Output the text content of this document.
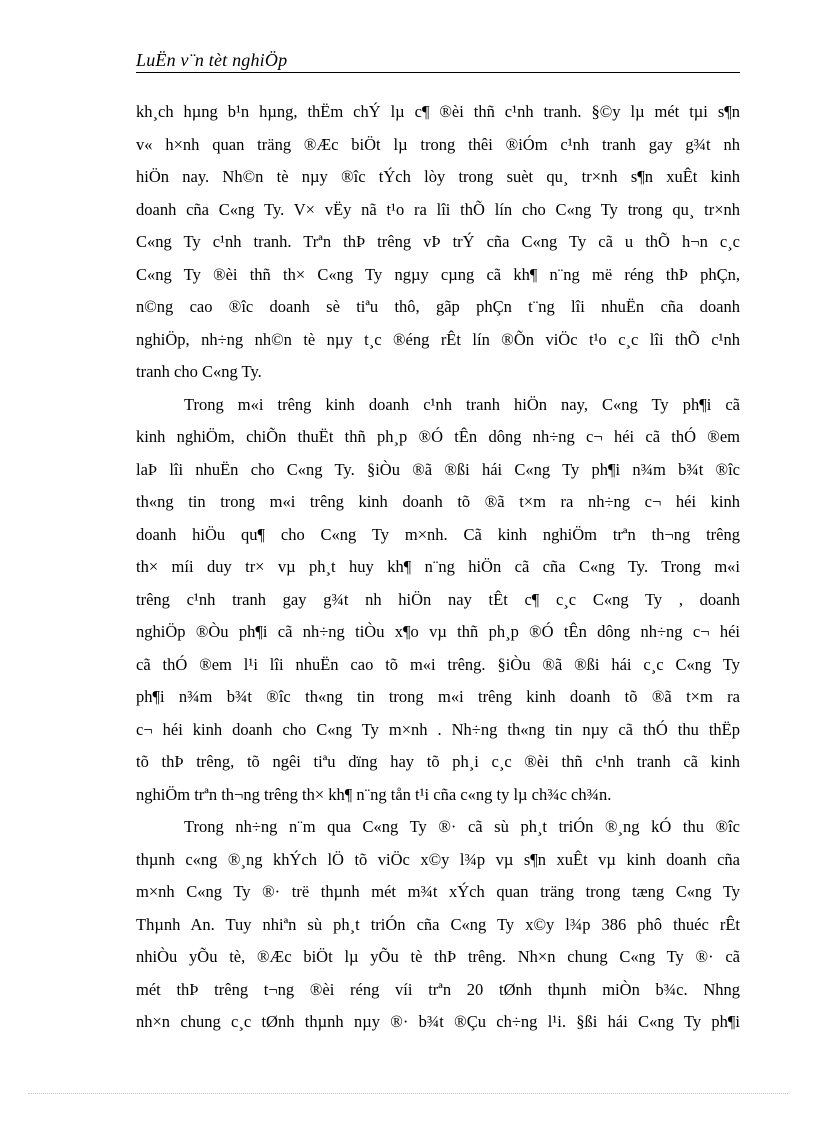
LuËn v¨n tèt nghiÖp
kh¸ch hµng b¹n hµng, thËm chÝ lµ c¶ ®èi thñ c¹nh tranh. §©y lµ mét tµi s¶n
v« h×nh quan träng ®Æc biÖt lµ trong thêi ®iÓm c¹nh tranh gay g¾t nh
hiÖn nay. Nh©n tè nµy ®îc tÝch lòy trong suèt qu¸ tr×nh s¶n xuÊt kinh
doanh cña C«ng Ty. V× vËy nã t¹o ra lîi thÕ lín cho C«ng Ty trong qu¸ tr×nh
C«ng Ty c¹nh tranh. Trªn thÞ trêng vÞ trÝ cña C«ng Ty cã u thÕ h¬n c¸c
C«ng Ty ®èi thñ th× C«ng Ty ngµy cµng cã kh¶ n¨ng më réng thÞ phÇn,
n©ng cao ®îc doanh sè tiªu thô, gãp phÇn t¨ng lîi nhuËn cña doanh
nghiÖp, nh÷ng nh©n tè nµy t¸c ®éng rÊt lín ®Õn viÖc t¹o c¸c lîi thÕ c¹nh
tranh cho C«ng Ty.
Trong m«i trêng kinh doanh c¹nh tranh hiÖn nay, C«ng Ty ph¶i cã
kinh nghiÖm, chiÕn thuËt thñ ph¸p ®Ó tÊn dông nh÷ng c¬ héi cã thÓ ®em
laÞ lîi nhuËn cho C«ng Ty. §iÒu ®ã ®ßi hái C«ng Ty ph¶i n¾m b¾t ®îc
th«ng tin trong m«i trêng kinh doanh tõ ®ã t×m ra nh÷ng c¬ héi kinh
doanh hiÖu qu¶ cho C«ng Ty m×nh. Cã kinh nghiÖm trªn th¬ng trêng
th× míi duy tr× vµ ph¸t huy kh¶ n¨ng hiÖn cã cña C«ng Ty. Trong m«i
trêng c¹nh tranh gay g¾t nh hiÖn nay tÊt c¶ c¸c C«ng Ty , doanh
nghiÖp ®Òu ph¶i cã nh÷ng tiÒu x¶o vµ thñ ph¸p ®Ó tÊn dông nh÷ng c¬ héi
cã thÓ ®em l¹i lîi nhuËn cao tõ m«i trêng. §iÒu ®ã ®ßi hái c¸c C«ng Ty
ph¶i n¾m b¾t ®îc th«ng tin trong m«i trêng kinh doanh tõ ®ã t×m ra
c¬ héi kinh doanh cho C«ng Ty m×nh . Nh÷ng th«ng tin nµy cã thÓ thu thËp
tõ thÞ trêng, tõ ngêi tiªu dïng hay tõ ph¸i c¸c ®èi thñ c¹nh tranh cã kinh
nghiÖm trªn th¬ng trêng th× kh¶ n¨ng tån t¹i cña c«ng ty lµ ch¾c ch¾n.
Trong nh÷ng n¨m qua C«ng Ty ®· cã sù ph¸t triÓn ®¸ng kÓ thu ®îc
thµnh c«ng ®¸ng khÝch lÖ tõ viÖc x©y l¾p vµ s¶n xuÊt vµ kinh doanh cña
m×nh C«ng Ty ®· trë thµnh mét m¾t xÝch quan träng trong tæng C«ng Ty
Thµnh An. Tuy nhiªn sù ph¸t triÓn cña C«ng Ty x©y l¾p 386 phô thuéc rÊt
nhiÒu yÕu tè, ®Æc biÖt lµ yÕu tè thÞ trêng. Nh×n chung C«ng Ty ®· cã
mét thÞ trêng t¬ng ®èi réng víi trªn 20 tØnh thµnh miÒn b¾c. Nhng
nh×n chung c¸c tØnh thµnh nµy ®· b¾t ®Çu ch÷ng l¹i. §ßi hái C«ng Ty ph¶i
